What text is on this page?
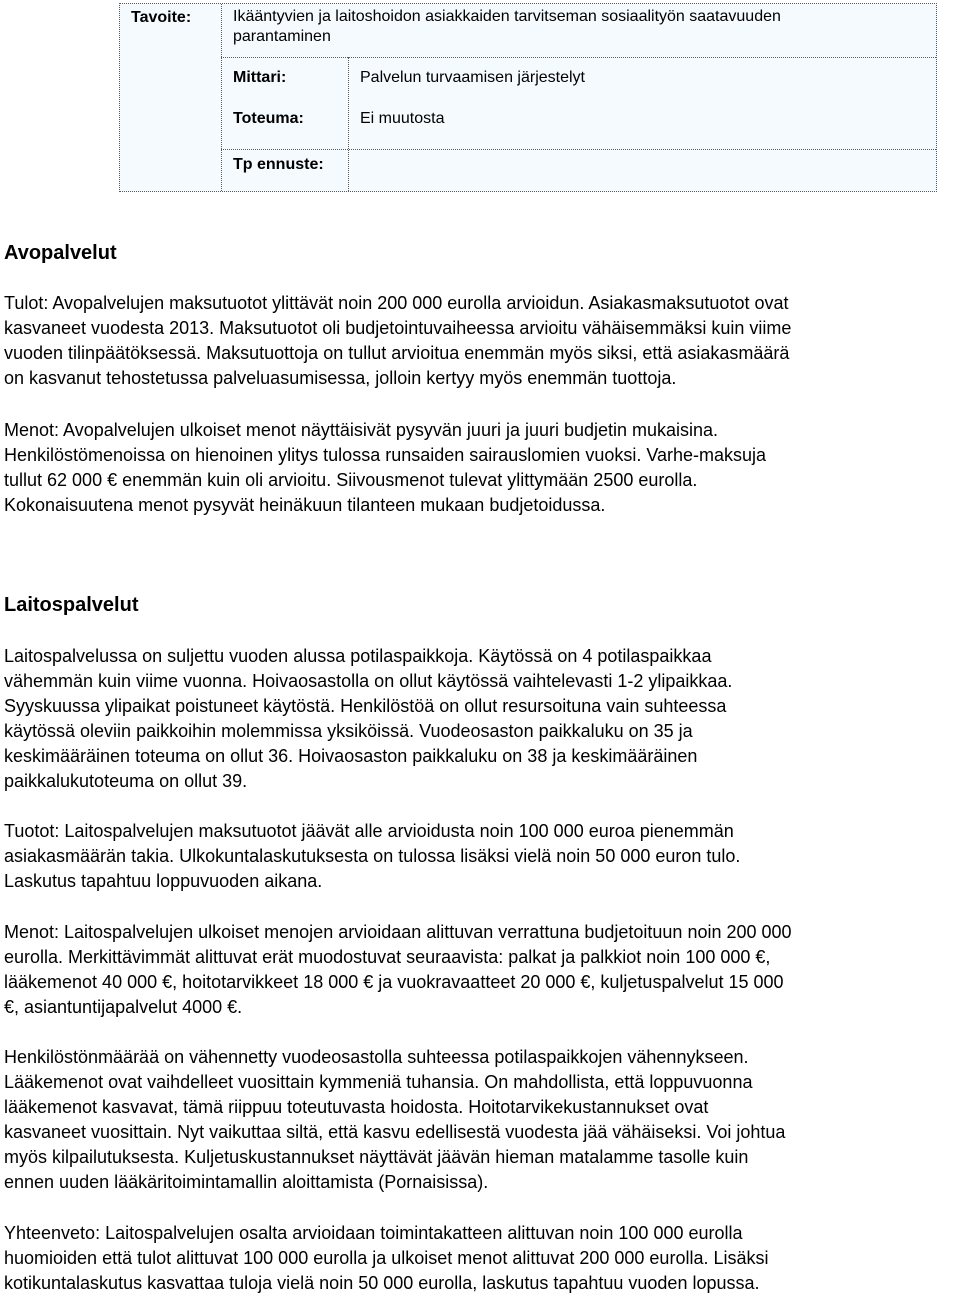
Tavoite:	Ikääntyvien ja laitoshoidon asiakkaiden tarvitseman sosiaalityön saatavuuden
parantaminen
Mittari:	Palvelun turvaamisen järjestelyt
Toteuma:	Ei muutosta
Tp ennuste:
Avopalvelut
Tulot: Avopalvelujen maksutuotot ylittävät noin 200 000 eurolla arvioidun. Asiakasmaksutuotot ovat
kasvaneet vuodesta 2013. Maksutuotot oli budjetointuvaiheessa arvioitu vähäisemmäksi kuin viime
vuoden tilinpäätöksessä. Maksutuottoja on tullut arvioitua enemmän myös siksi, että asiakasmäärä
on kasvanut tehostetussa palveluasumisessa, jolloin kertyy myös enemmän tuottoja.
Menot: Avopalvelujen ulkoiset menot näyttäisivät pysyvän juuri ja juuri budjetin mukaisina.
Henkilöstömenoissa on hienoinen ylitys tulossa runsaiden sairauslomien vuoksi. Varhe-maksuja
tullut 62 000 € enemmän kuin oli arvioitu. Siivousmenot tulevat ylittymään 2500 eurolla.
Kokonaisuutena menot pysyvät heinäkuun tilanteen mukaan budjetoidussa.
Laitospalvelut
Laitospalvelussa on suljettu vuoden alussa potilaspaikkoja. Käytössä on 4 potilaspaikkaa
vähemmän kuin viime vuonna. Hoivaosastolla on ollut käytössä vaihtelevasti 1-2 ylipaikkaa.
Syyskuussa ylipaikat poistuneet käytöstä. Henkilöstöä on ollut resursoituna vain suhteessa
käytössä oleviin paikkoihin molemmissa yksiköissä. Vuodeosaston paikkaluku on 35 ja
keskimääräinen toteuma on ollut 36. Hoivaosaston paikkaluku on 38 ja keskimääräinen
paikkalukutoteuma on ollut 39.
Tuotot: Laitospalvelujen maksutuotot jäävät alle arvioidusta noin 100 000 euroa pienemmän
asiakasmäärän takia. Ulkokuntalaskutuksesta on tulossa lisäksi vielä noin 50 000 euron tulo.
Laskutus tapahtuu loppuvuoden aikana.
Menot: Laitospalvelujen ulkoiset menojen arvioidaan alittuvan verrattuna budjetoituun noin 200 000
eurolla. Merkittävimmät alittuvat erät muodostuvat seuraavista: palkat ja palkkiot noin 100 000 €,
lääkemenot 40 000 €, hoitotarvikkeet 18 000 € ja vuokravaatteet 20 000 €, kuljetuspalvelut 15 000
€, asiantuntijapalvelut 4000 €.
Henkilöstönmäärää on vähennetty vuodeosastolla suhteessa potilaspaikkojen vähennykseen.
Lääkemenot ovat vaihdelleet vuosittain kymmeniä tuhansia. On mahdollista, että loppuvuonna
lääkemenot kasvavat, tämä riippuu toteutuvasta hoidosta. Hoitotarvikekustannukset ovat
kasvaneet vuosittain. Nyt vaikuttaa siltä, että kasvu edellisestä vuodesta jää vähäiseksi. Voi johtua
myös kilpailutuksesta. Kuljetuskustannukset näyttävät jäävän hieman matalamme tasolle kuin
ennen uuden lääkäritoimintamallin aloittamista (Pornaisissa).
Yhteenveto: Laitospalvelujen osalta arvioidaan toimintakatteen alittuvan noin 100 000 eurolla
huomioiden että tulot alittuvat 100 000 eurolla ja ulkoiset menot alittuvat 200 000 eurolla. Lisäksi
kotikuntalaskutus kasvattaa tuloja vielä noin 50 000 eurolla, laskutus tapahtuu vuoden lopussa.
